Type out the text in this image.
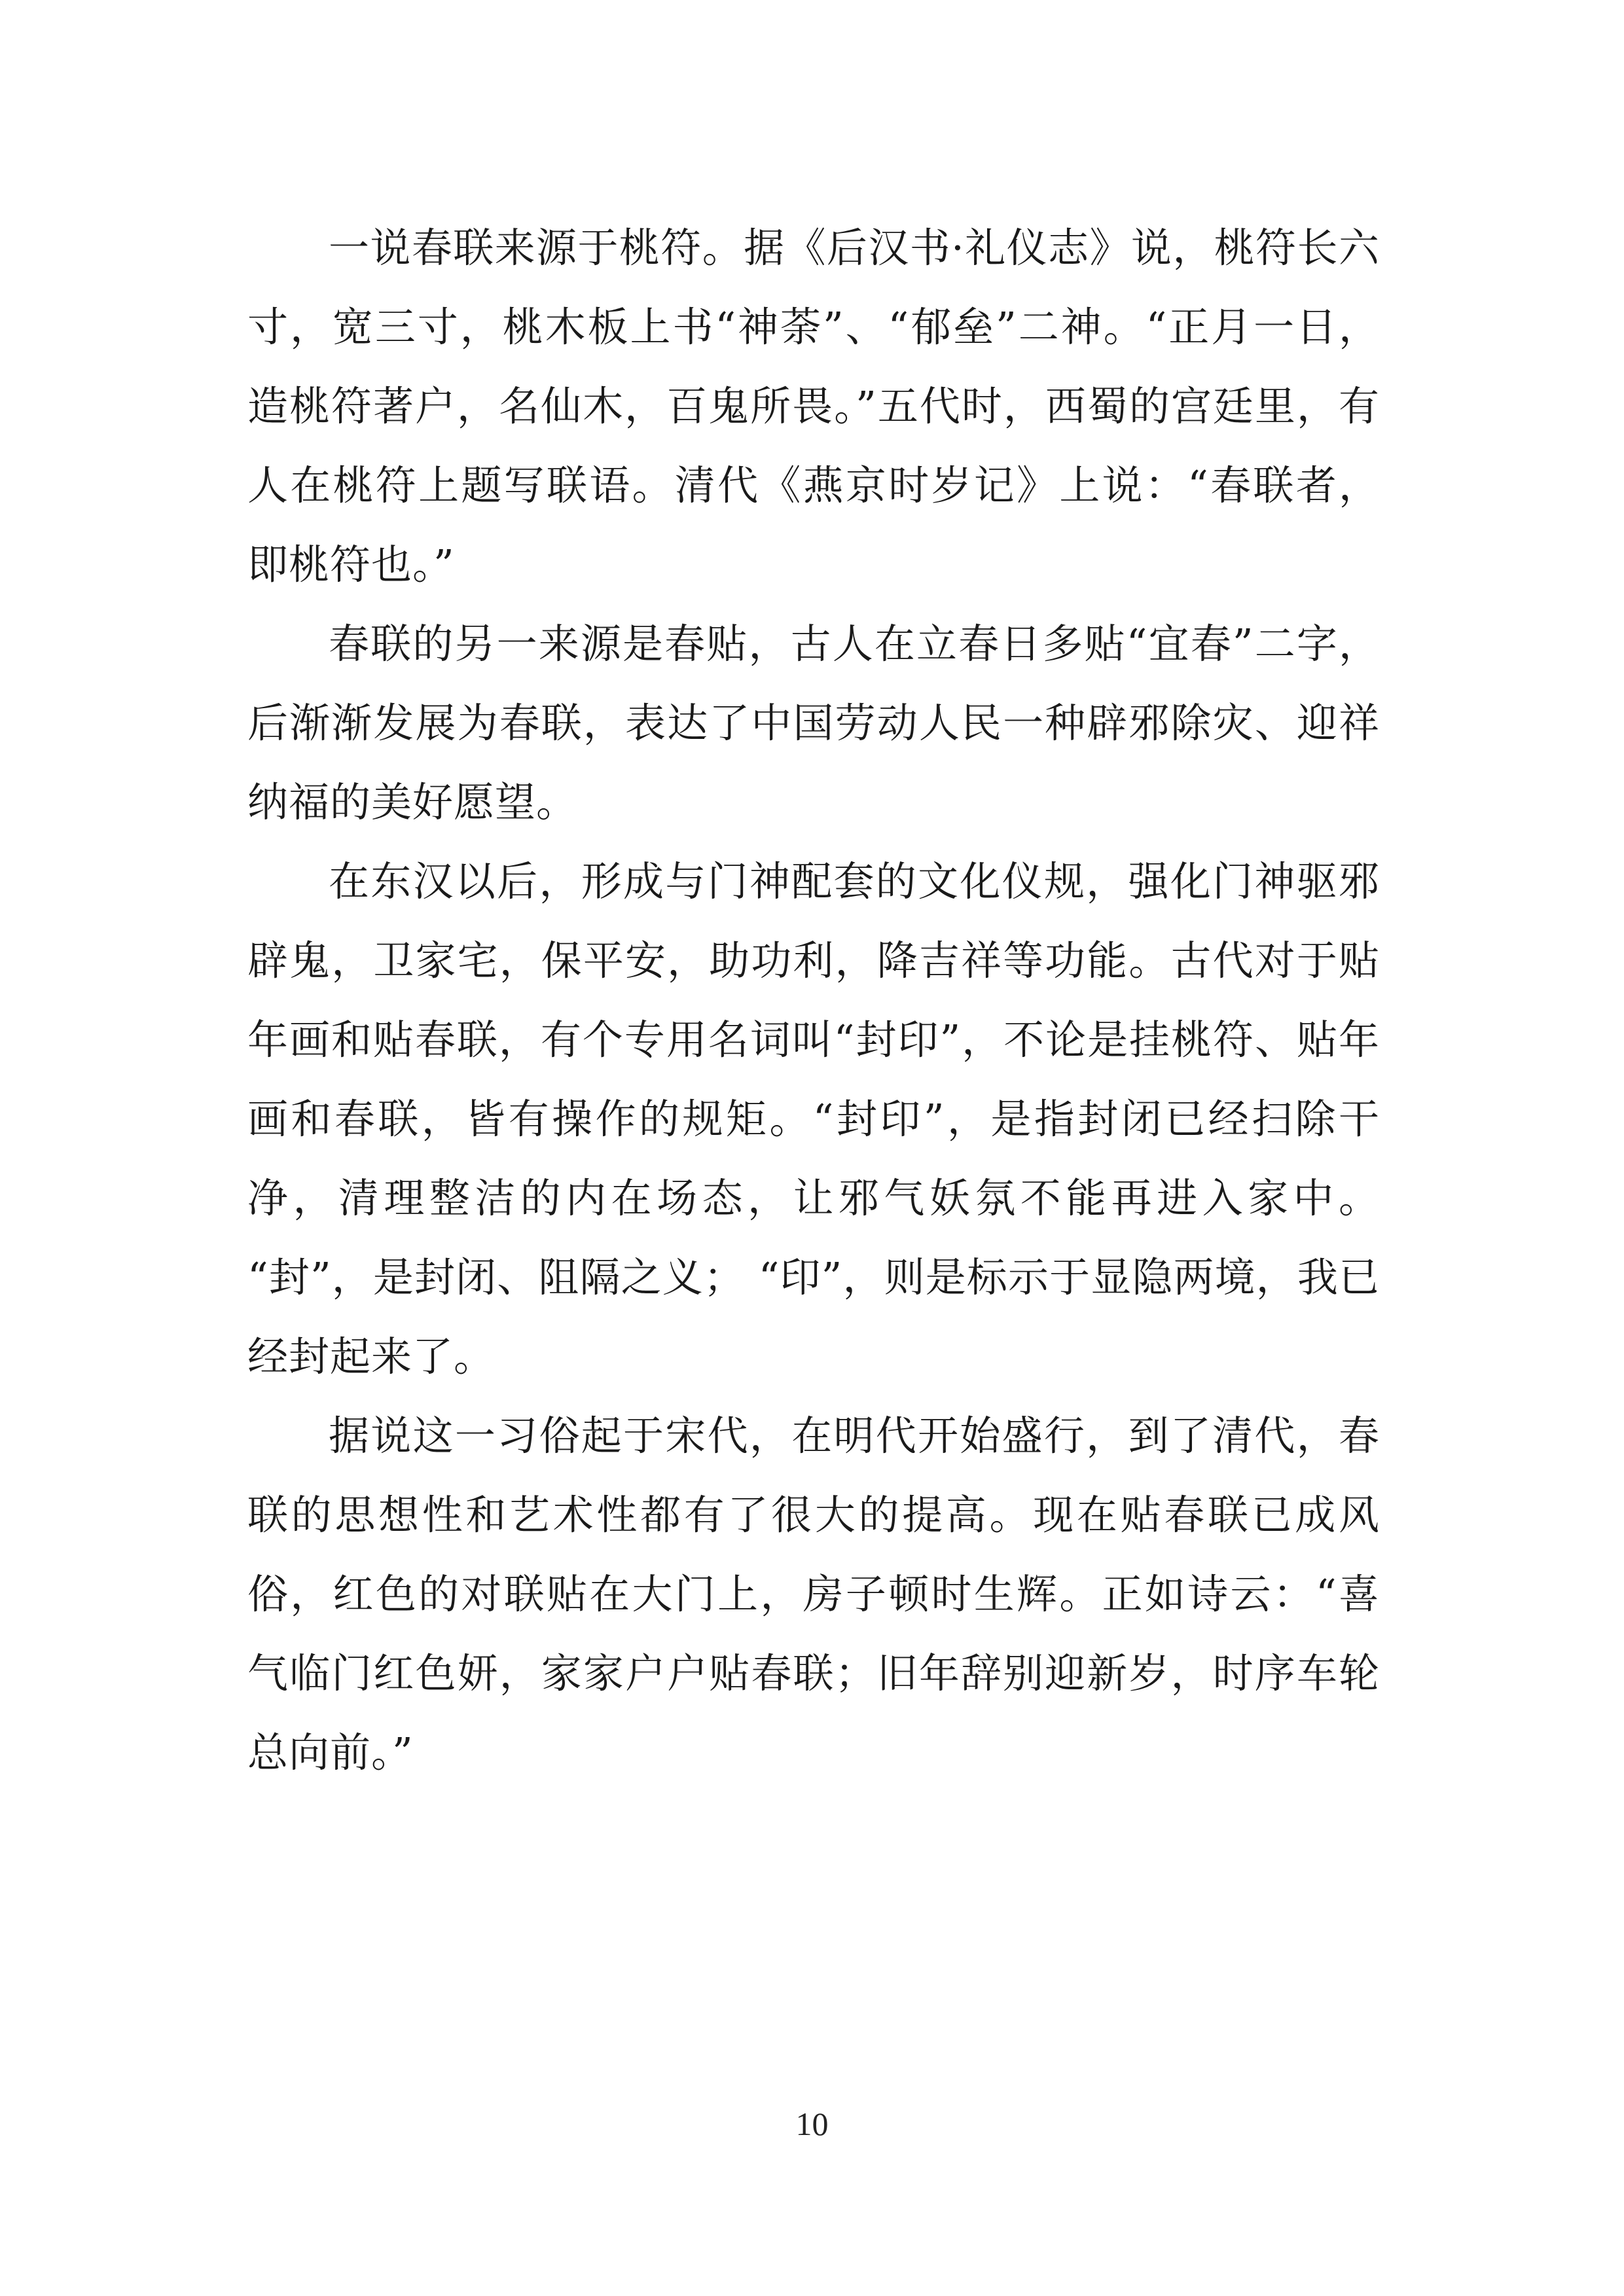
一说春联来源于桃符。据《后汉书·礼仪志》说，桃符长六寸，宽三寸，桃木板上书“神荼”、“郁垒”二神。“正月一日，造桃符著户，名仙木，百鬼所畏。”五代时，西蜀的宫廷里，有人在桃符上题写联语。清代《燕京时岁记》上说：“春联者，即桃符也。”

春联的另一来源是春贴，古人在立春日多贴“宜春”二字，后渐渐发展为春联，表达了中国劳动人民一种辟邪除灾、迎祥纳福的美好愿望。

在东汉以后，形成与门神配套的文化仪规，强化门神驱邪辟鬼，卫家宅，保平安，助功利，降吉祥等功能。古代对于贴年画和贴春联，有个专用名词叫“封印”，不论是挂桃符、贴年画和春联，皆有操作的规矩。“封印”，是指封闭已经扫除干净，清理整洁的内在场态，让邪气妖氛不能再进入家中。 “封”，是封闭、阻隔之义； “印”，则是标示于显隐两境，我已经封起来了。

据说这一习俗起于宋代，在明代开始盛行，到了清代，春联的思想性和艺术性都有了很大的提高。现在贴春联已成风俗，红色的对联贴在大门上，房子顿时生辉。正如诗云：“喜气临门红色妍，家家户户贴春联；旧年辞别迎新岁，时序车轮总向前。”

10
